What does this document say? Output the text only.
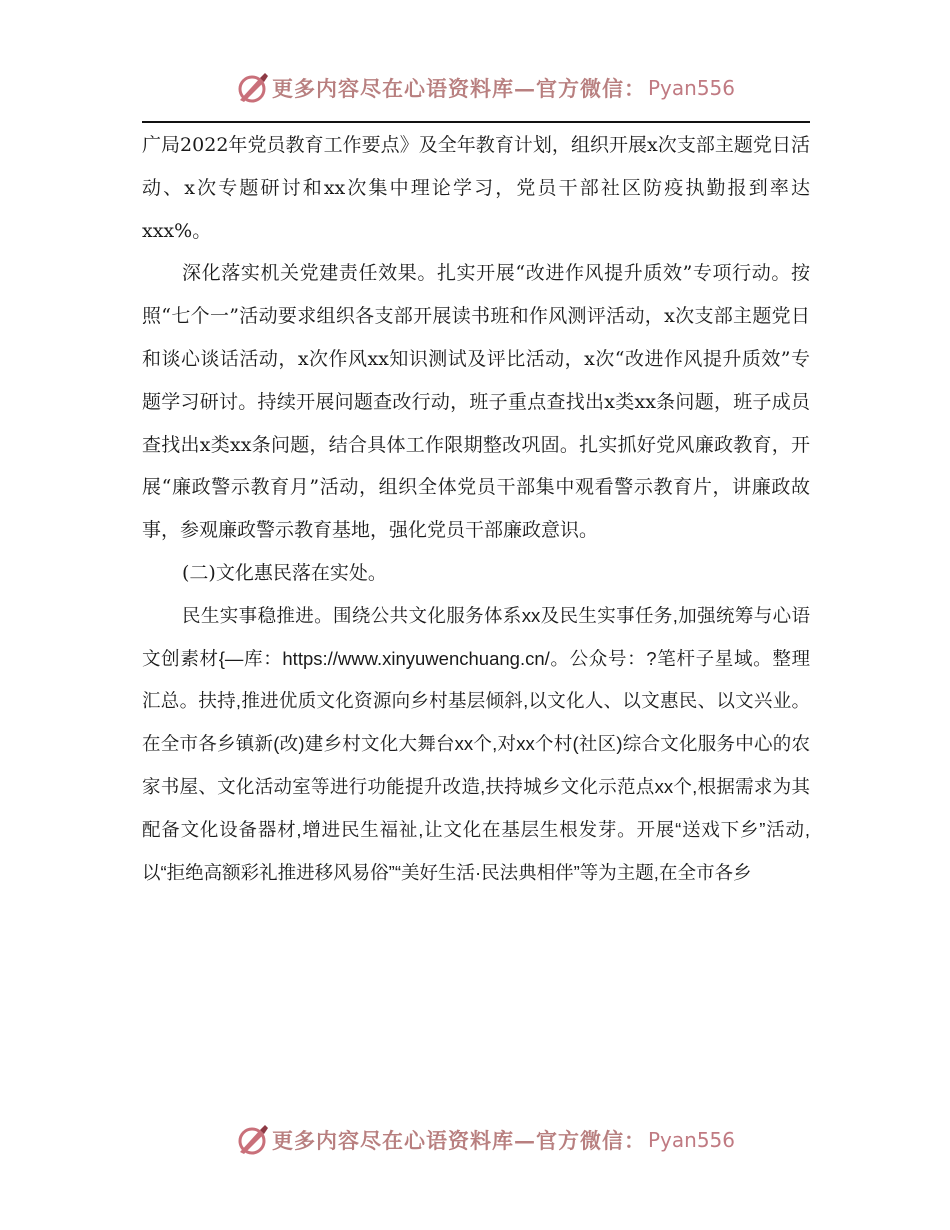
更多内容尽在心语资料库—官方微信： Pyan556

广局2022年党员教育工作要点》及全年教育计划，组织开展x次支部主题党日活动、x次专题研讨和xx次集中理论学习，党员干部社区防疫执勤报到率达xxx%。

深化落实机关党建责任效果。扎实开展“改进作风提升质效”专项行动。按照“七个一”活动要求组织各支部开展读书班和作风测评活动，x次支部主题党日和谈心谈话活动，x次作风xx知识测试及评比活动，x次“改进作风提升质效”专题学习研讨。持续开展问题查改行动，班子重点查找出x类xx条问题，班子成员查找出x类xx条问题，结合具体工作限期整改巩固。扎实抓好党风廉政教育，开展“廉政警示教育月”活动，组织全体党员干部集中观看警示教育片，讲廉政故事，参观廉政警示教育基地，强化党员干部廉政意识。

(二)文化惠民落在实处。

民生实事稳推进。围绕公共文化服务体系xx及民生实事任务,加强统筹与心语文创素材{—库：https://www.xinyuwenchuang.cn/。公众号：?笔杆子星域。整理汇总。扶持,推进优质文化资源向乡村基层倾斜,以文化人、以文惠民、以文兴业。在全市各乡镇新(改)建乡村文化大舞台xx个,对xx个村(社区)综合文化服务中心的农家书屋、文化活动室等进行功能提升改造,扶持城乡文化示范点xx个,根据需求为其配备文化设备器材,增进民生福祉,让文化在基层生根发芽。开展“送戏下乡”活动,以“拒绝高额彩礼推进移风易俗”“美好生活·民法典相伴”等为主题,在全市各乡

更多内容尽在心语资料库—官方微信： Pyan556
